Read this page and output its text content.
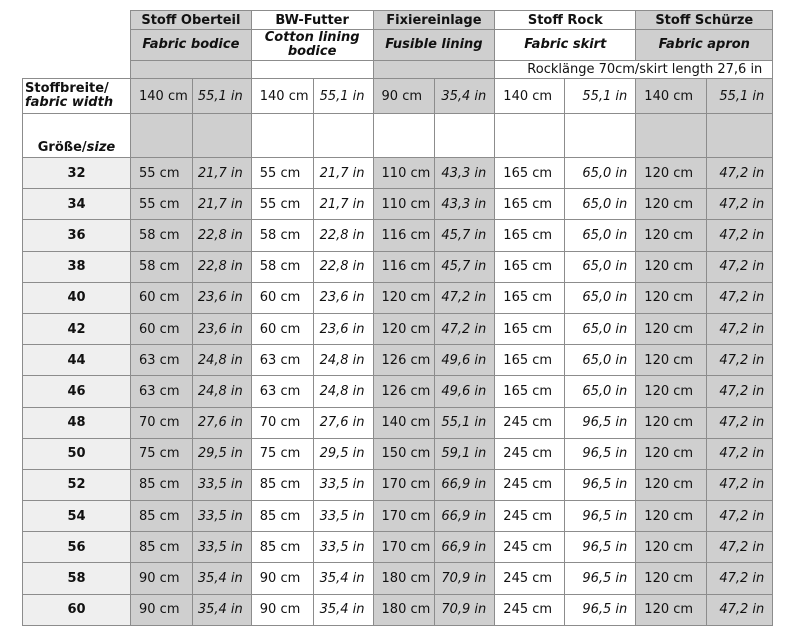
	Stoff Oberteil		BW-Futter		Fixiereinlage		Stoff Rock		Stoff Schürze	
	Fabric bodice		Cotton lining bodice		Fusible lining		Fabric skirt		Fabric apron	
							Rocklänge 70cm/skirt length 27,6 in			
Stoffbreite/
fabric width	140 cm	55,1 in	140 cm	55,1 in	90 cm	35,4 in	140 cm	55,1 in	140 cm	55,1 in
Größe/size										
32	55 cm	21,7 in	55 cm	21,7 in	110 cm	43,3 in	165 cm	65,0 in	120 cm	47,2 in
34	55 cm	21,7 in	55 cm	21,7 in	110 cm	43,3 in	165 cm	65,0 in	120 cm	47,2 in
36	58 cm	22,8 in	58 cm	22,8 in	116 cm	45,7 in	165 cm	65,0 in	120 cm	47,2 in
38	58 cm	22,8 in	58 cm	22,8 in	116 cm	45,7 in	165 cm	65,0 in	120 cm	47,2 in
40	60 cm	23,6 in	60 cm	23,6 in	120 cm	47,2 in	165 cm	65,0 in	120 cm	47,2 in
42	60 cm	23,6 in	60 cm	23,6 in	120 cm	47,2 in	165 cm	65,0 in	120 cm	47,2 in
44	63 cm	24,8 in	63 cm	24,8 in	126 cm	49,6 in	165 cm	65,0 in	120 cm	47,2 in
46	63 cm	24,8 in	63 cm	24,8 in	126 cm	49,6 in	165 cm	65,0 in	120 cm	47,2 in
48	70 cm	27,6 in	70 cm	27,6 in	140 cm	55,1 in	245 cm	96,5 in	120 cm	47,2 in
50	75 cm	29,5 in	75 cm	29,5 in	150 cm	59,1 in	245 cm	96,5 in	120 cm	47,2 in
52	85 cm	33,5 in	85 cm	33,5 in	170 cm	66,9 in	245 cm	96,5 in	120 cm	47,2 in
54	85 cm	33,5 in	85 cm	33,5 in	170 cm	66,9 in	245 cm	96,5 in	120 cm	47,2 in
56	85 cm	33,5 in	85 cm	33,5 in	170 cm	66,9 in	245 cm	96,5 in	120 cm	47,2 in
58	90 cm	35,4 in	90 cm	35,4 in	180 cm	70,9 in	245 cm	96,5 in	120 cm	47,2 in
60	90 cm	35,4 in	90 cm	35,4 in	180 cm	70,9 in	245 cm	96,5 in	120 cm	47,2 in
